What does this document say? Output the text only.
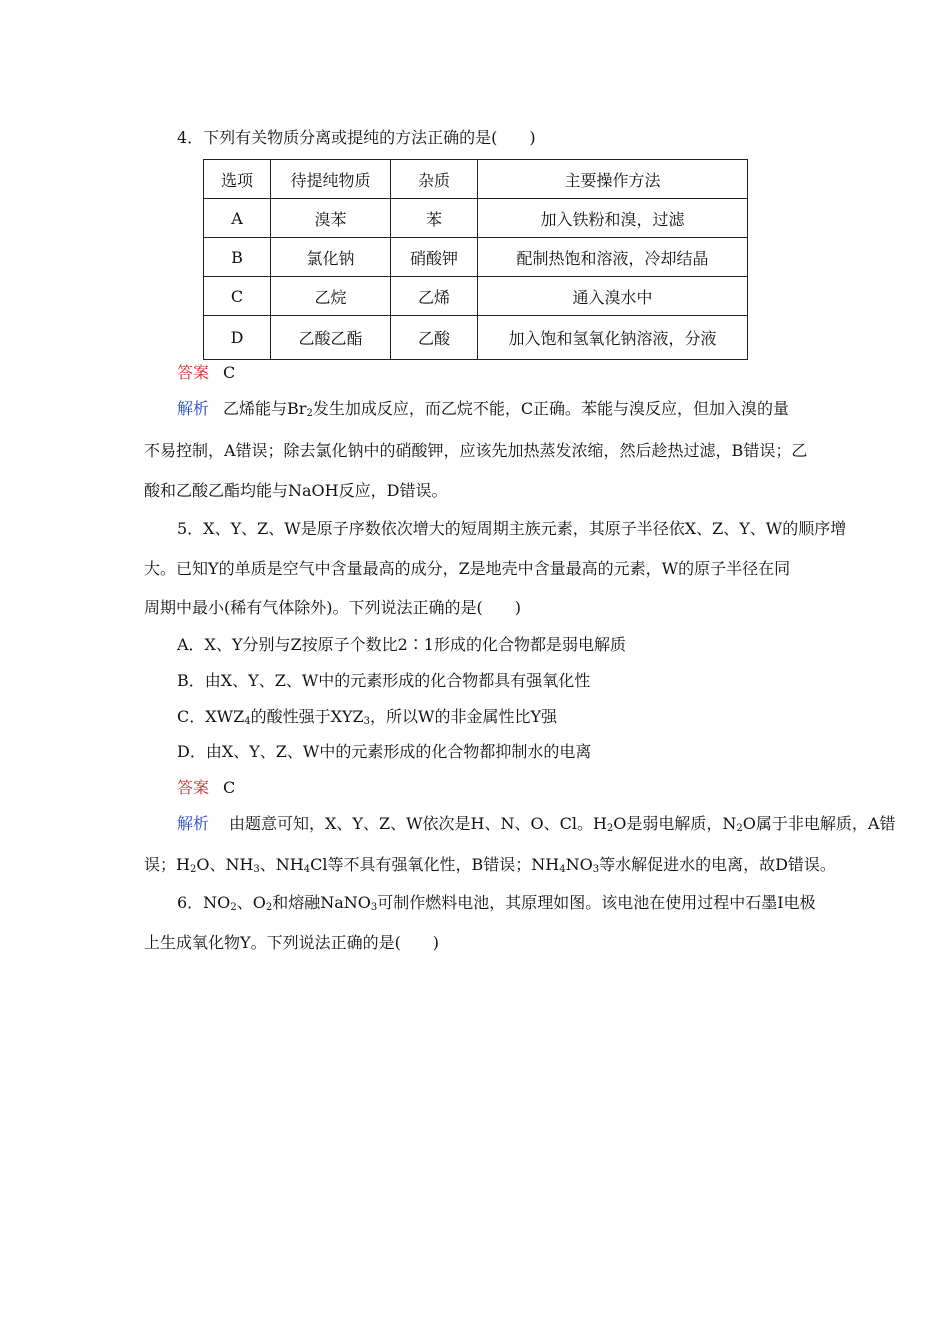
4．下列有关物质分离或提纯的方法正确的是(　　)
选项	待提纯物质	杂质	主要操作方法
A	溴苯	苯	加入铁粉和溴，过滤
B	氯化钠	硝酸钾	配制热饱和溶液，冷却结晶
C	乙烷	乙烯	通入溴水中
D	乙酸乙酯	乙酸	加入饱和氢氧化钠溶液，分液
答案 C
解析 乙烯能与$Br_2$发生加成反应，而乙烷不能，C正确。苯能与溴反应，但加入溴的量
不易控制，A错误；除去氯化钠中的硝酸钾，应该先加热蒸发浓缩，然后趁热过滤，B错误；乙
酸和乙酸乙酯均能与NaOH反应，D错误。
5．X、Y、Z、W是原子序数依次增大的短周期主族元素，其原子半径依X、Z、Y、W的顺序增
大。已知Y的单质是空气中含量最高的成分，Z是地壳中含量最高的元素，W的原子半径在同
周期中最小(稀有气体除外)。下列说法正确的是(　　)
A．X、Y分别与Z按原子个数比2∶1形成的化合物都是弱电解质
B．由X、Y、Z、W中的元素形成的化合物都具有强氧化性
C．$XWZ_4$的酸性强于$XYZ_3$，所以W的非金属性比Y强
D．由X、Y、Z、W中的元素形成的化合物都抑制水的电离
答案 C
解析 由题意可知，X、Y、Z、W依次是H、N、O、Cl。$H_2O$是弱电解质，$N_2O$属于非电解质，A错
误；$H_2O$、$NH_3$、$NH_4Cl$等不具有强氧化性，B错误；$NH_4NO_3$等水解促进水的电离，故D错误。
6．$NO_2$、$O_2$和熔融NaNO$_3$可制作燃料电池，其原理如图。该电池在使用过程中石墨Ⅰ电极
上生成氧化物Y。下列说法正确的是(　　)
